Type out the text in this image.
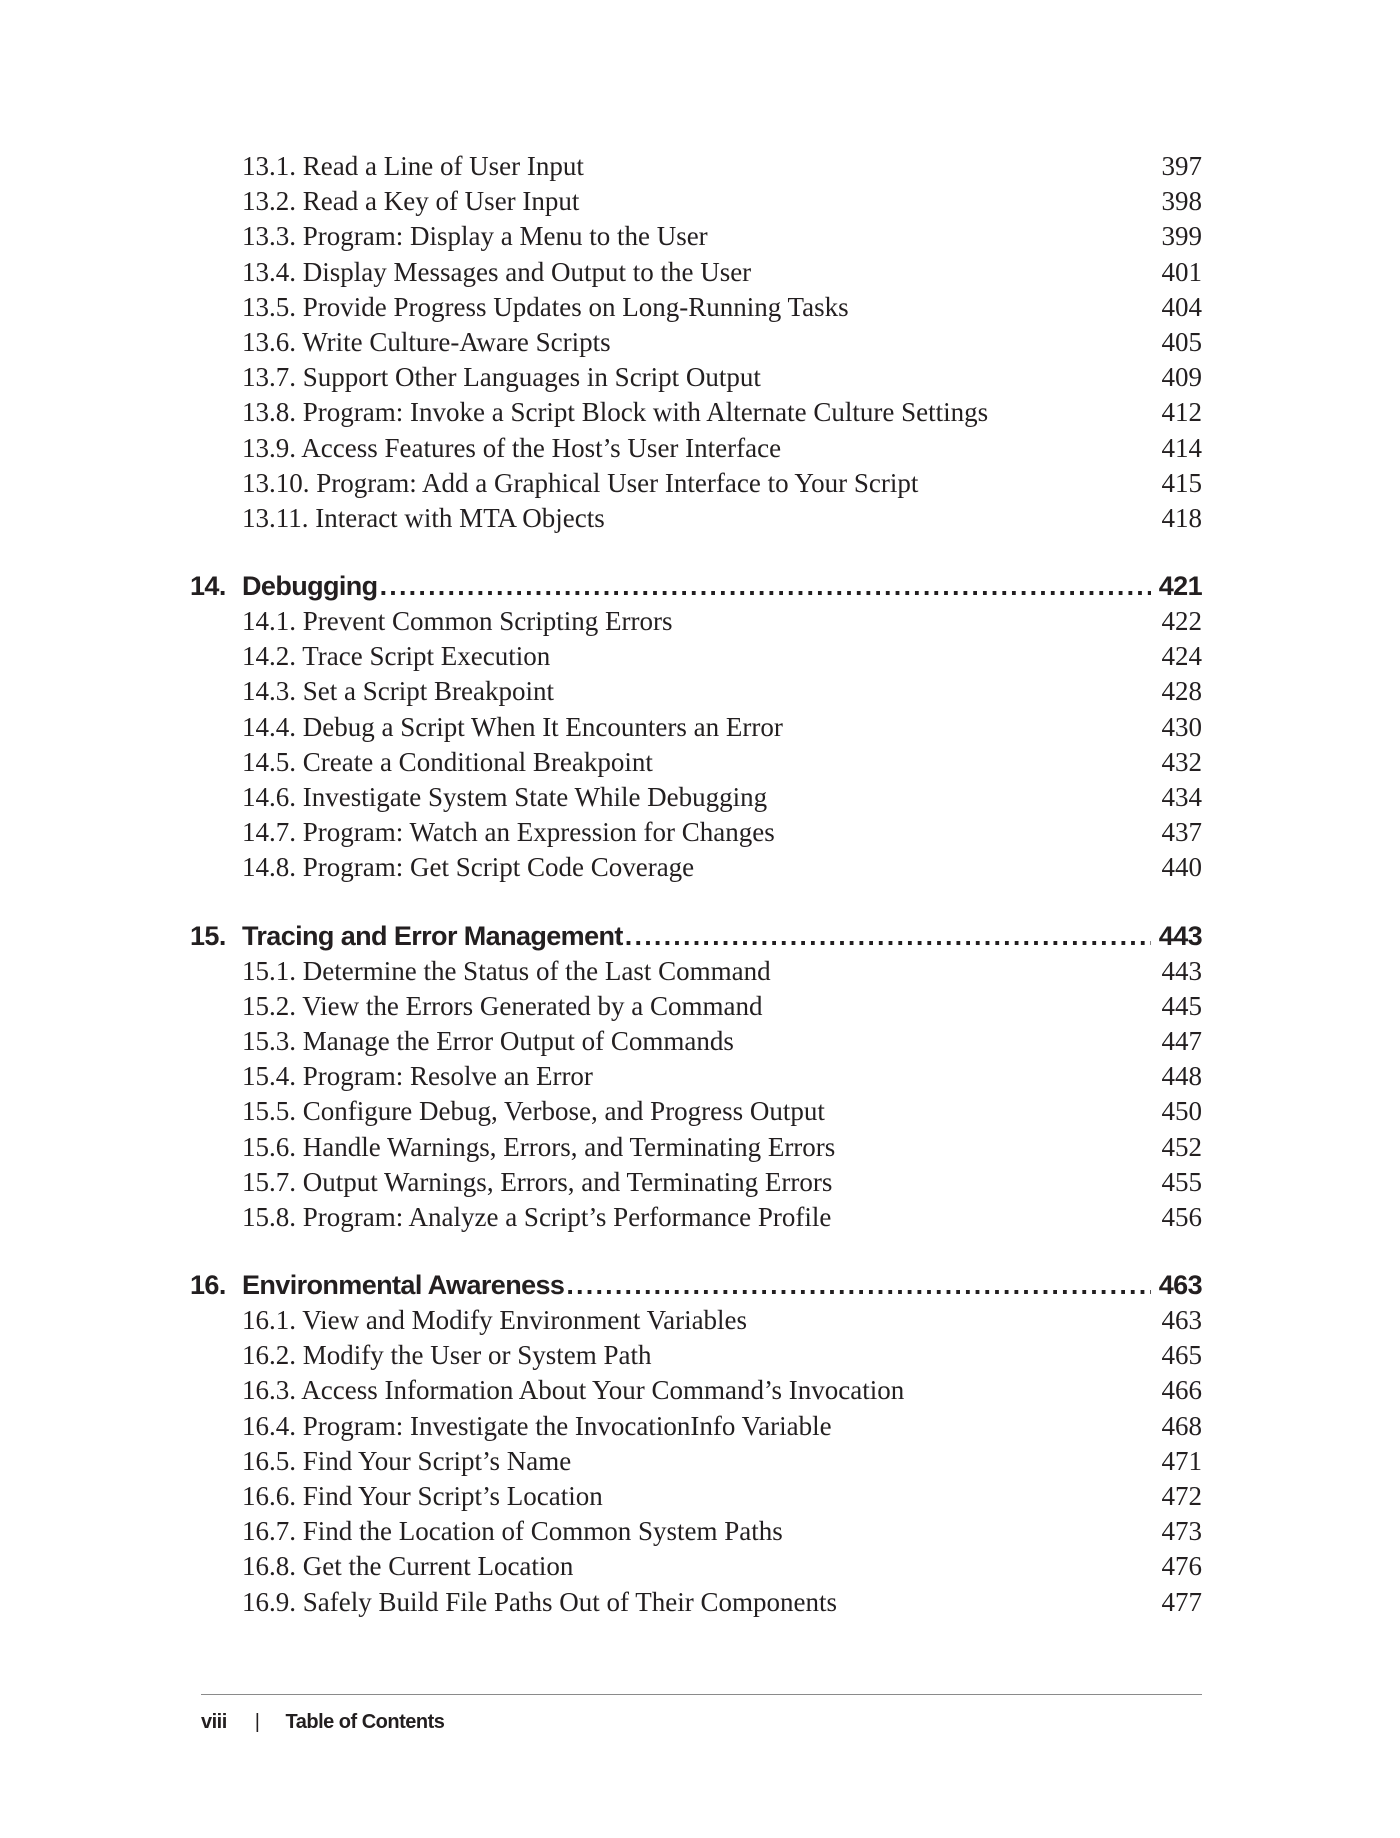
13.1. Read a Line of User Input	397
13.2. Read a Key of User Input	398
13.3. Program: Display a Menu to the User	399
13.4. Display Messages and Output to the User	401
13.5. Provide Progress Updates on Long-Running Tasks	404
13.6. Write Culture-Aware Scripts	405
13.7. Support Other Languages in Script Output	409
13.8. Program: Invoke a Script Block with Alternate Culture Settings	412
13.9. Access Features of the Host’s User Interface	414
13.10. Program: Add a Graphical User Interface to Your Script	415
13.11. Interact with MTA Objects	418
14. Debugging .....	421
14.1. Prevent Common Scripting Errors	422
14.2. Trace Script Execution	424
14.3. Set a Script Breakpoint	428
14.4. Debug a Script When It Encounters an Error	430
14.5. Create a Conditional Breakpoint	432
14.6. Investigate System State While Debugging	434
14.7. Program: Watch an Expression for Changes	437
14.8. Program: Get Script Code Coverage	440
15. Tracing and Error Management .....	443
15.1. Determine the Status of the Last Command	443
15.2. View the Errors Generated by a Command	445
15.3. Manage the Error Output of Commands	447
15.4. Program: Resolve an Error	448
15.5. Configure Debug, Verbose, and Progress Output	450
15.6. Handle Warnings, Errors, and Terminating Errors	452
15.7. Output Warnings, Errors, and Terminating Errors	455
15.8. Program: Analyze a Script’s Performance Profile	456
16. Environmental Awareness .....	463
16.1. View and Modify Environment Variables	463
16.2. Modify the User or System Path	465
16.3. Access Information About Your Command’s Invocation	466
16.4. Program: Investigate the InvocationInfo Variable	468
16.5. Find Your Script’s Name	471
16.6. Find Your Script’s Location	472
16.7. Find the Location of Common System Paths	473
16.8. Get the Current Location	476
16.9. Safely Build File Paths Out of Their Components	477
viii | Table of Contents
